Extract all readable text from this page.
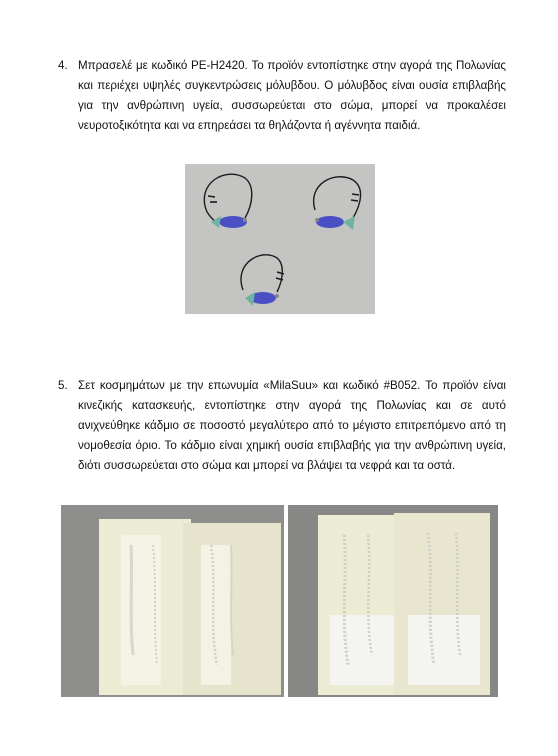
4. Μπρασελέ με κωδικό PE-H2420. Το προϊόν εντοπίστηκε στην αγορά της Πολωνίας και περιέχει υψηλές συγκεντρώσεις μόλυβδου. Ο μόλυβδος είναι ουσία επιβλαβής για την ανθρώπινη υγεία, συσσωρεύεται στο σώμα, μπορεί να προκαλέσει νευροτοξικότητα και να επηρεάσει τα θηλάζοντα ή αγέννητα παιδιά.

5. Σετ κοσμημάτων με την επωνυμία «MilaSuu» και κωδικό #B052. Το προϊόν είναι κινεζικής κατασκευής, εντοπίστηκε στην αγορά της Πολωνίας και σε αυτό ανιχνεύθηκε κάδμιο σε ποσοστό μεγαλύτερο από το μέγιστο επιτρεπόμενο από τη νομοθεσία όριο. Το κάδμιο είναι χημική ουσία επιβλαβής για την ανθρώπινη υγεία, διότι συσσωρεύεται στο σώμα και μπορεί να βλάψει τα νεφρά και τα οστά.
